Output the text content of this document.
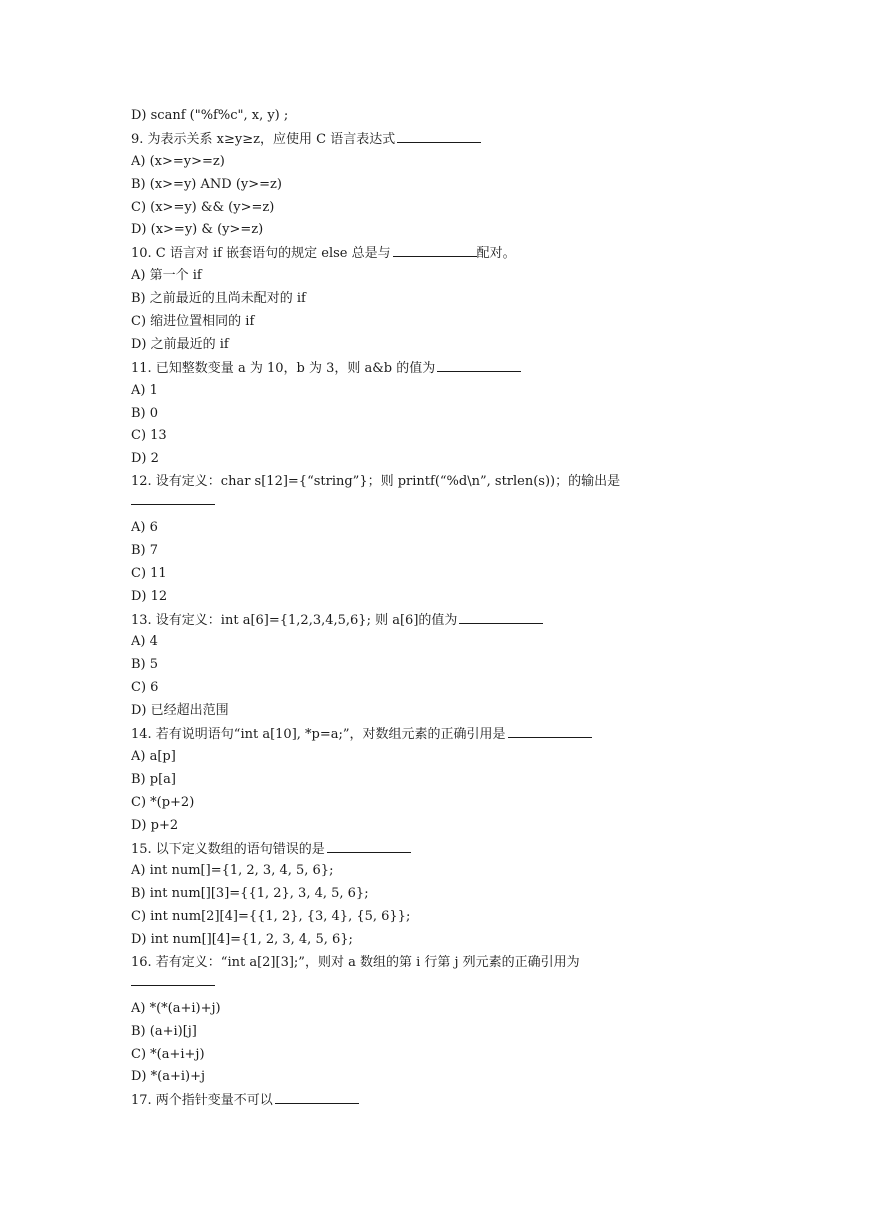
D) scanf ("%f%c", x, y) ;
9. 为表示关系 x≥y≥z，应使用 C 语言表达式
A) (x>=y>=z)
B) (x>=y) AND (y>=z)
C) (x>=y) && (y>=z)
D) (x>=y) & (y>=z)
10. C 语言对 if 嵌套语句的规定 else 总是与	配对。
A) 第一个 if
B) 之前最近的且尚未配对的 if
C) 缩进位置相同的 if
D) 之前最近的 if
11. 已知整数变量 a 为 10，b 为 3，则 a&b 的值为
A) 1
B) 0
C) 13
D) 2
12. 设有定义：char s[12]={“string”}；则 printf(“%d\n”, strlen(s))；的输出是
A) 6
B) 7
C) 11
D) 12
13. 设有定义：int a[6]={1,2,3,4,5,6}; 则 a[6]的值为
A) 4
B) 5
C) 6
D) 已经超出范围
14. 若有说明语句“int a[10], *p=a;”，对数组元素的正确引用是
A) a[p]
B) p[a]
C) *(p+2)
D) p+2
15. 以下定义数组的语句错误的是
A) int num[]={1, 2, 3, 4, 5, 6};
B) int num[][3]={{1, 2}, 3, 4, 5, 6};
C) int num[2][4]={{1, 2}, {3, 4}, {5, 6}};
D) int num[][4]={1, 2, 3, 4, 5, 6};
16. 若有定义：“int a[2][3];”，则对 a 数组的第 i 行第 j 列元素的正确引用为
A) *(*(a+i)+j)
B) (a+i)[j]
C) *(a+i+j)
D) *(a+i)+j
17. 两个指针变量不可以
